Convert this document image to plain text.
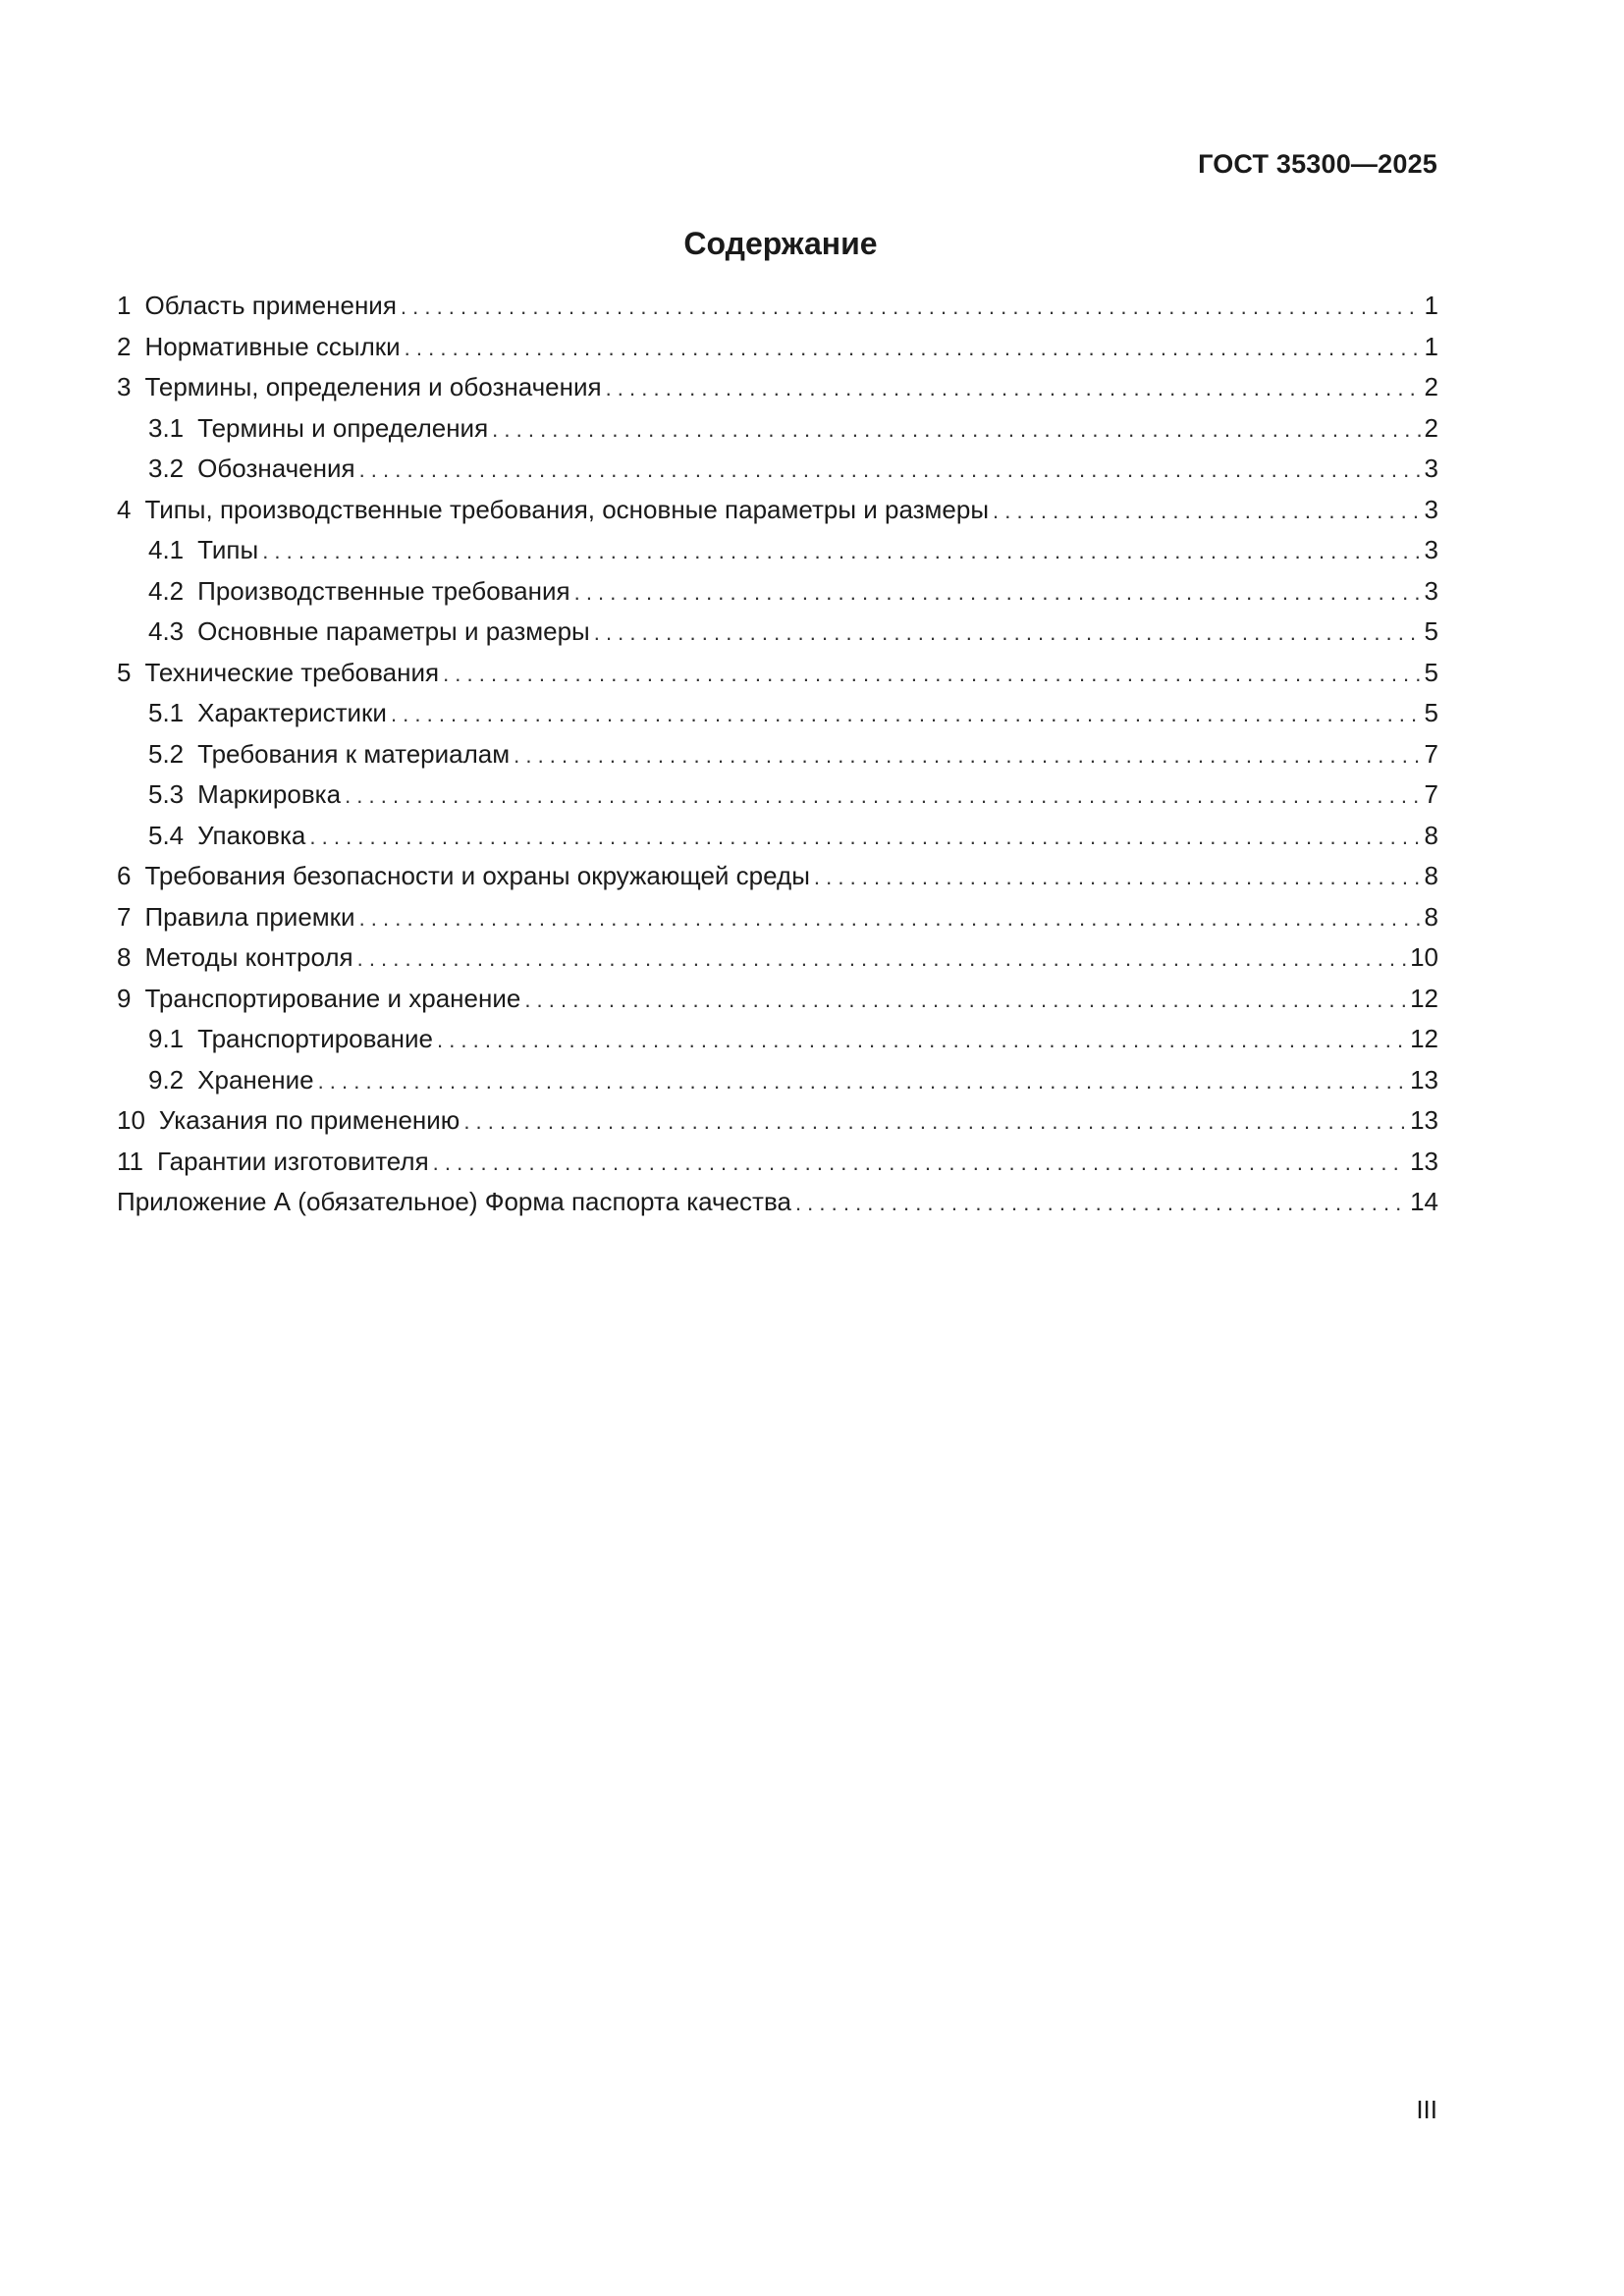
ГОСТ 35300—2025
Содержание
1 Область применения . . .	1
2 Нормативные ссылки . . .	1
3 Термины, определения и обозначения . . .	2
3.1 Термины и определения . . .	2
3.2 Обозначения . . .	3
4 Типы, производственные требования, основные параметры и размеры . . .	3
4.1 Типы . . .	3
4.2 Производственные требования . . .	3
4.3 Основные параметры и размеры . . .	5
5 Технические требования . . .	5
5.1 Характеристики . . .	5
5.2 Требования к материалам . . .	7
5.3 Маркировка . . .	7
5.4 Упаковка . . .	8
6 Требования безопасности и охраны окружающей среды . . .	8
7 Правила приемки . . .	8
8 Методы контроля . . .	10
9 Транспортирование и хранение . . .	12
9.1 Транспортирование . . .	12
9.2 Хранение . . .	13
10 Указания по применению . . .	13
11 Гарантии изготовителя . . .	13
Приложение А (обязательное) Форма паспорта качества . . .	14
III
